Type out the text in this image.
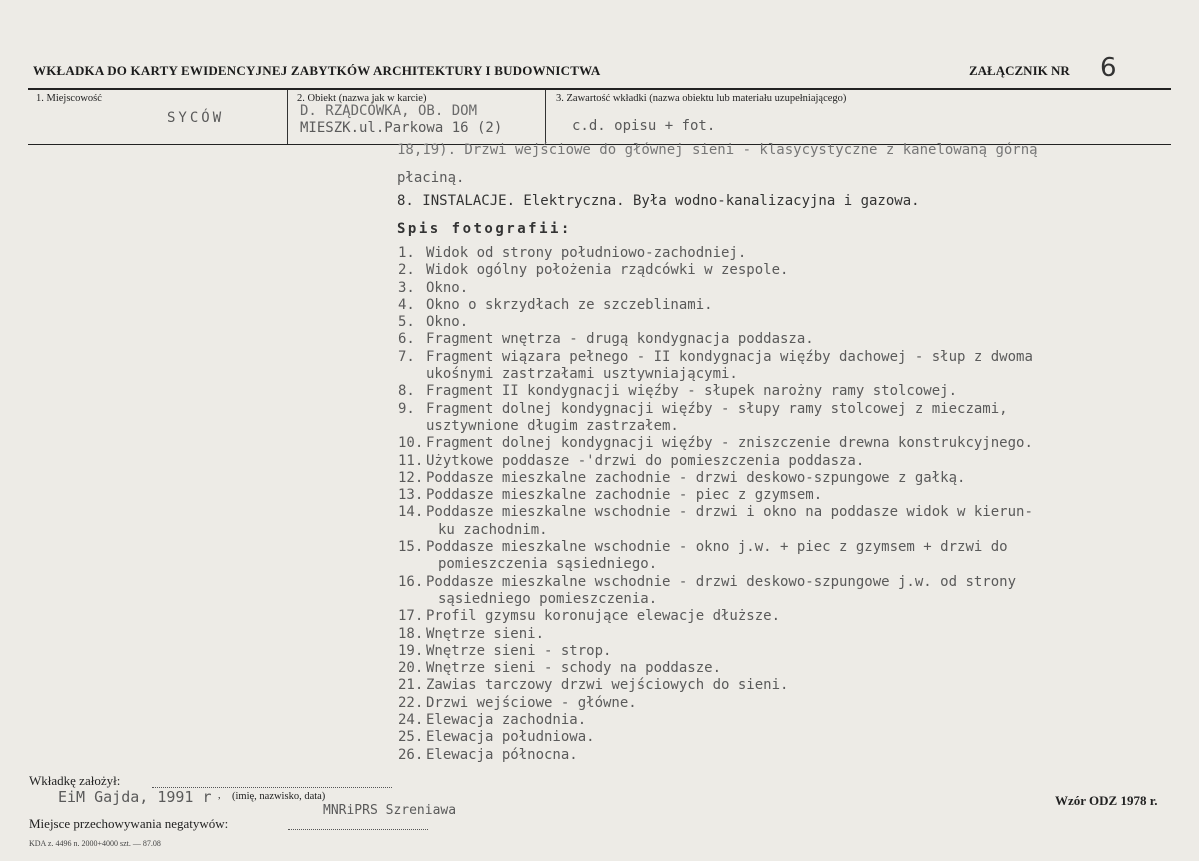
WKŁADKA DO KARTY EWIDENCYJNEJ ZABYTKÓW ARCHITEKTURY I BUDOWNICTWA	ZAŁĄCZNIK NR 6
1. Miejscowość
SYCÓW
2. Obiekt (nazwa jak w karcie)
D. RZĄDCÓWKA, OB. DOM
MIESZK.ul.Parkowa 16 (2)
3. Zawartość wkładki (nazwa obiektu lub materiału uzupełniającego)
c.d. opisu + fot.
18,19). Drzwi wejściowe do głównej sieni - klasycystyczne z kanelowaną górną
płaciną.
8. INSTALACJE. Elektryczna. Była wodno-kanalizacyjna i gazowa.
Spis fotografii:
1. Widok od strony południowo-zachodniej.
2. Widok ogólny położenia rządcówki w zespole.
3. Okno.
4. Okno o skrzydłach ze szczeblinami.
5. Okno.
6. Fragment wnętrza - drugą kondygnacja poddasza.
7. Fragment wiązara pełnego - II kondygnacja więźby dachowej - słup z dwoma
ukośnymi zastrzałami usztywniającymi.
8. Fragment II kondygnacji więźby - słupek narożny ramy stolcowej.
9. Fragment dolnej kondygnacji więźby - słupy ramy stolcowej z mieczami,
usztywnione długim zastrzałem.
10. Fragment dolnej kondygnacji więźby - zniszczenie drewna konstrukcyjnego.
11. Użytkowe poddasze -'drzwi do pomieszczenia poddasza.
12. Poddasze mieszkalne zachodnie - drzwi deskowo-szpungowe z gałką.
13. Poddasze mieszkalne zachodnie - piec z gzymsem.
14. Poddasze mieszkalne wschodnie - drzwi i okno na poddasze widok w kierun-
ku zachodnim.
15. Poddasze mieszkalne wschodnie - okno j.w. + piec z gzymsem + drzwi do
pomieszczenia sąsiedniego.
16. Poddasze mieszkalne wschodnie - drzwi deskowo-szpungowe j.w. od strony
sąsiedniego pomieszczenia.
17. Profil gzymsu koronujące elewacje dłuższe.
18. Wnętrze sieni.
19. Wnętrze sieni - strop.
20. Wnętrze sieni - schody na poddasze.
21. Zawias tarczowy drzwi wejściowych do sieni.
22. Drzwi wejściowe - główne.
24. Elewacja zachodnia.
25. Elewacja południowa.
26. Elewacja północna.
Wkładkę założył:
EiM Gajda, 1991 r , (imię, nazwisko, data)
MNRiPRS Szreniawa
Miejsce przechowywania negatywów:
Wzór ODZ 1978 r.
KDA z. 4496 n. 2000+4000 szt. — 87.08
